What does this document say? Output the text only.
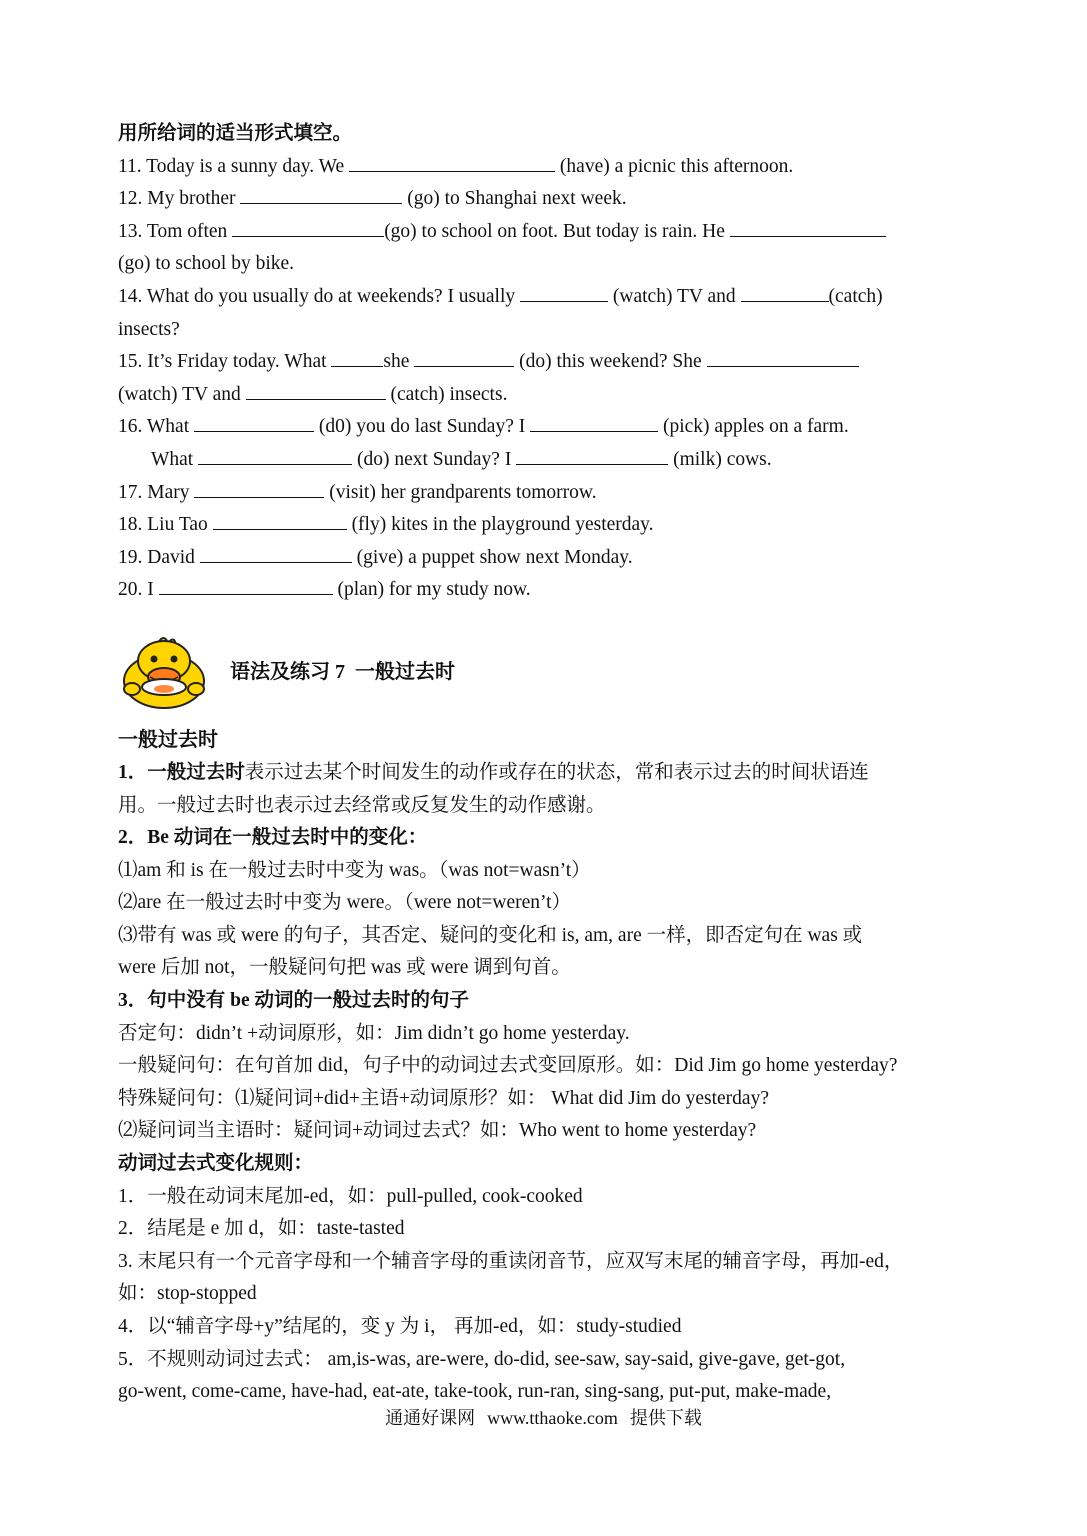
用所给词的适当形式填空。
11. Today is a sunny day. We	(have) a picnic this afternoon.
12. My brother	(go) to Shanghai next week.
13. Tom often	(go) to school on foot. But today is rain. He
(go) to school by bike.
14. What do you usually do at weekends? I usually	(watch) TV and	(catch)
insects?
15. It’s Friday today. What	she	(do) this weekend? She
(watch) TV and	(catch) insects.
16. What	(d0) you do last Sunday? I	(pick) apples on a farm.
What	(do) next Sunday? I	(milk) cows.
17. Mary	(visit) her grandparents tomorrow.
18. Liu Tao	(fly) kites in the playground yesterday.
19. David	(give) a puppet show next Monday.
20. I	(plan) for my study now.
语法及练习 7 一般过去时
一般过去时
1．一般过去时表示过去某个时间发生的动作或存在的状态，常和表示过去的时间状语连
用。一般过去时也表示过去经常或反复发生的动作感谢。
2．Be 动词在一般过去时中的变化：
⑴am 和 is 在一般过去时中变为 was。（was not=wasn’t）
⑵are 在一般过去时中变为 were。（were not=weren’t）
⑶带有 was 或 were 的句子，其否定、疑问的变化和 is, am, are 一样，即否定句在 was 或
were 后加 not，一般疑问句把 was 或 were 调到句首。
3．句中没有 be 动词的一般过去时的句子
否定句：didn’t +动词原形，如：Jim didn’t go home yesterday.
一般疑问句：在句首加 did，句子中的动词过去式变回原形。如：Did Jim go home yesterday?
特殊疑问句：⑴疑问词+did+主语+动词原形？如： What did Jim do yesterday?
⑵疑问词当主语时：疑问词+动词过去式？如：Who went to home yesterday?
动词过去式变化规则：
1．一般在动词末尾加-ed，如：pull-pulled, cook-cooked
2．结尾是 e 加 d，如：taste-tasted
3. 末尾只有一个元音字母和一个辅音字母的重读闭音节，应双写末尾的辅音字母，再加-ed，
如：stop-stopped
4．以“辅音字母+y”结尾的，变 y 为 i， 再加-ed，如：study-studied
5．不规则动词过去式： am,is-was, are-were, do-did, see-saw, say-said, give-gave, get-got,
go-went, come-came, have-had, eat-ate, take-took, run-ran, sing-sang, put-put, make-made,
通通好课网 www.tthaoke.com 提供下载
